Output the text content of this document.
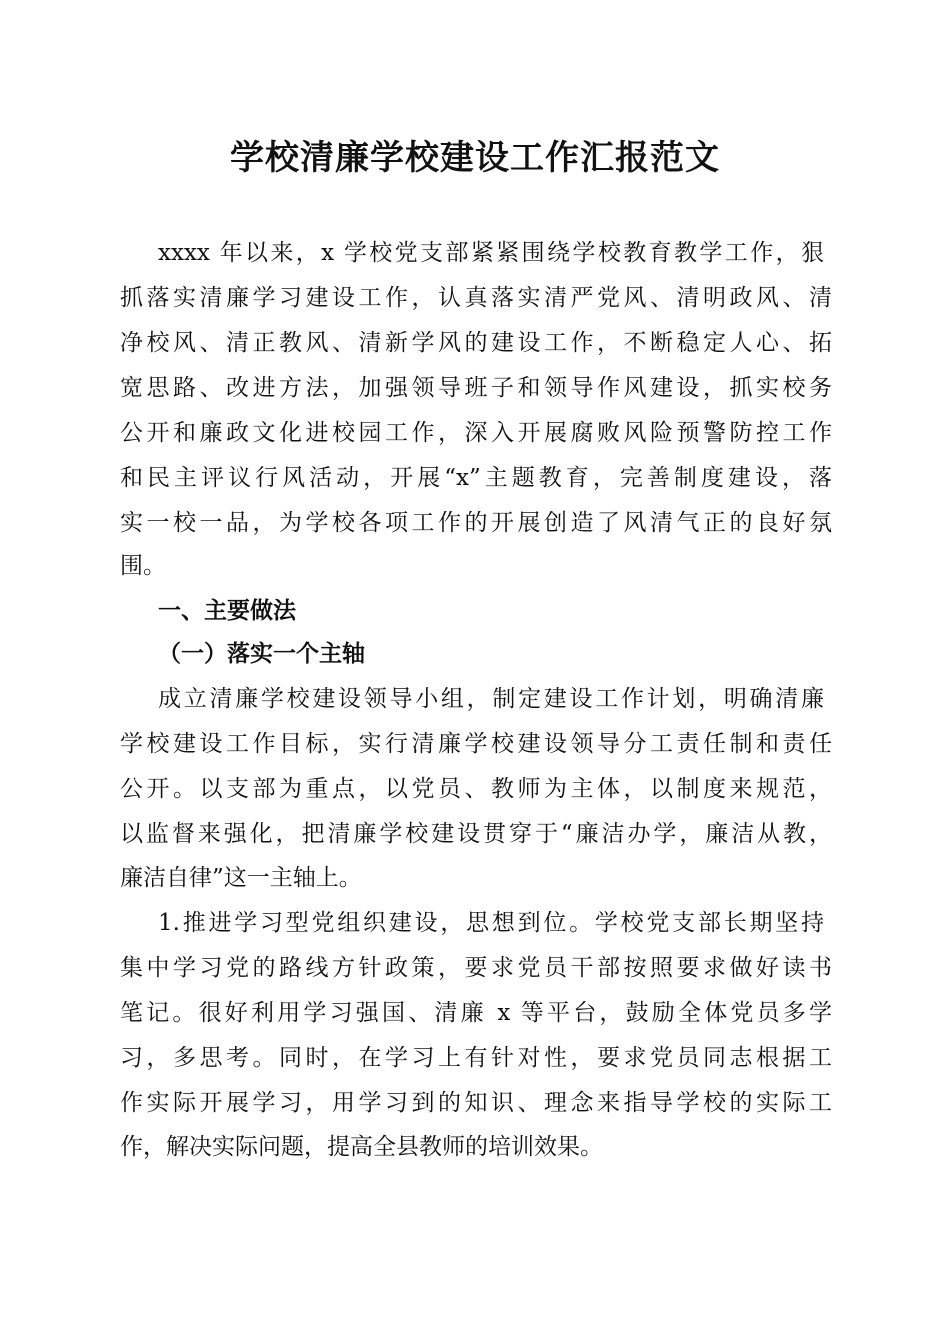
学校清廉学校建设工作汇报范文
xxxx 年以来，x 学校党支部紧紧围绕学校教育教学工作，狠
抓落实清廉学习建设工作，认真落实清严党风、清明政风、清
净校风、清正教风、清新学风的建设工作，不断稳定人心、拓
宽思路、改进方法，加强领导班子和领导作风建设，抓实校务
公开和廉政文化进校园工作，深入开展腐败风险预警防控工作
和民主评议行风活动，开展“x”主题教育，完善制度建设，落
实一校一品，为学校各项工作的开展创造了风清气正的良好氛
围。
一、主要做法
（一）落实一个主轴
成立清廉学校建设领导小组，制定建设工作计划，明确清廉
学校建设工作目标，实行清廉学校建设领导分工责任制和责任
公开。以支部为重点，以党员、教师为主体，以制度来规范，
以监督来强化，把清廉学校建设贯穿于“廉洁办学，廉洁从教，
廉洁自律”这一主轴上。
1.推进学习型党组织建设，思想到位。学校党支部长期坚持
集中学习党的路线方针政策，要求党员干部按照要求做好读书
笔记。很好利用学习强国、清廉 x 等平台，鼓励全体党员多学
习，多思考。同时，在学习上有针对性，要求党员同志根据工
作实际开展学习，用学习到的知识、理念来指导学校的实际工
作，解决实际问题，提高全县教师的培训效果。
